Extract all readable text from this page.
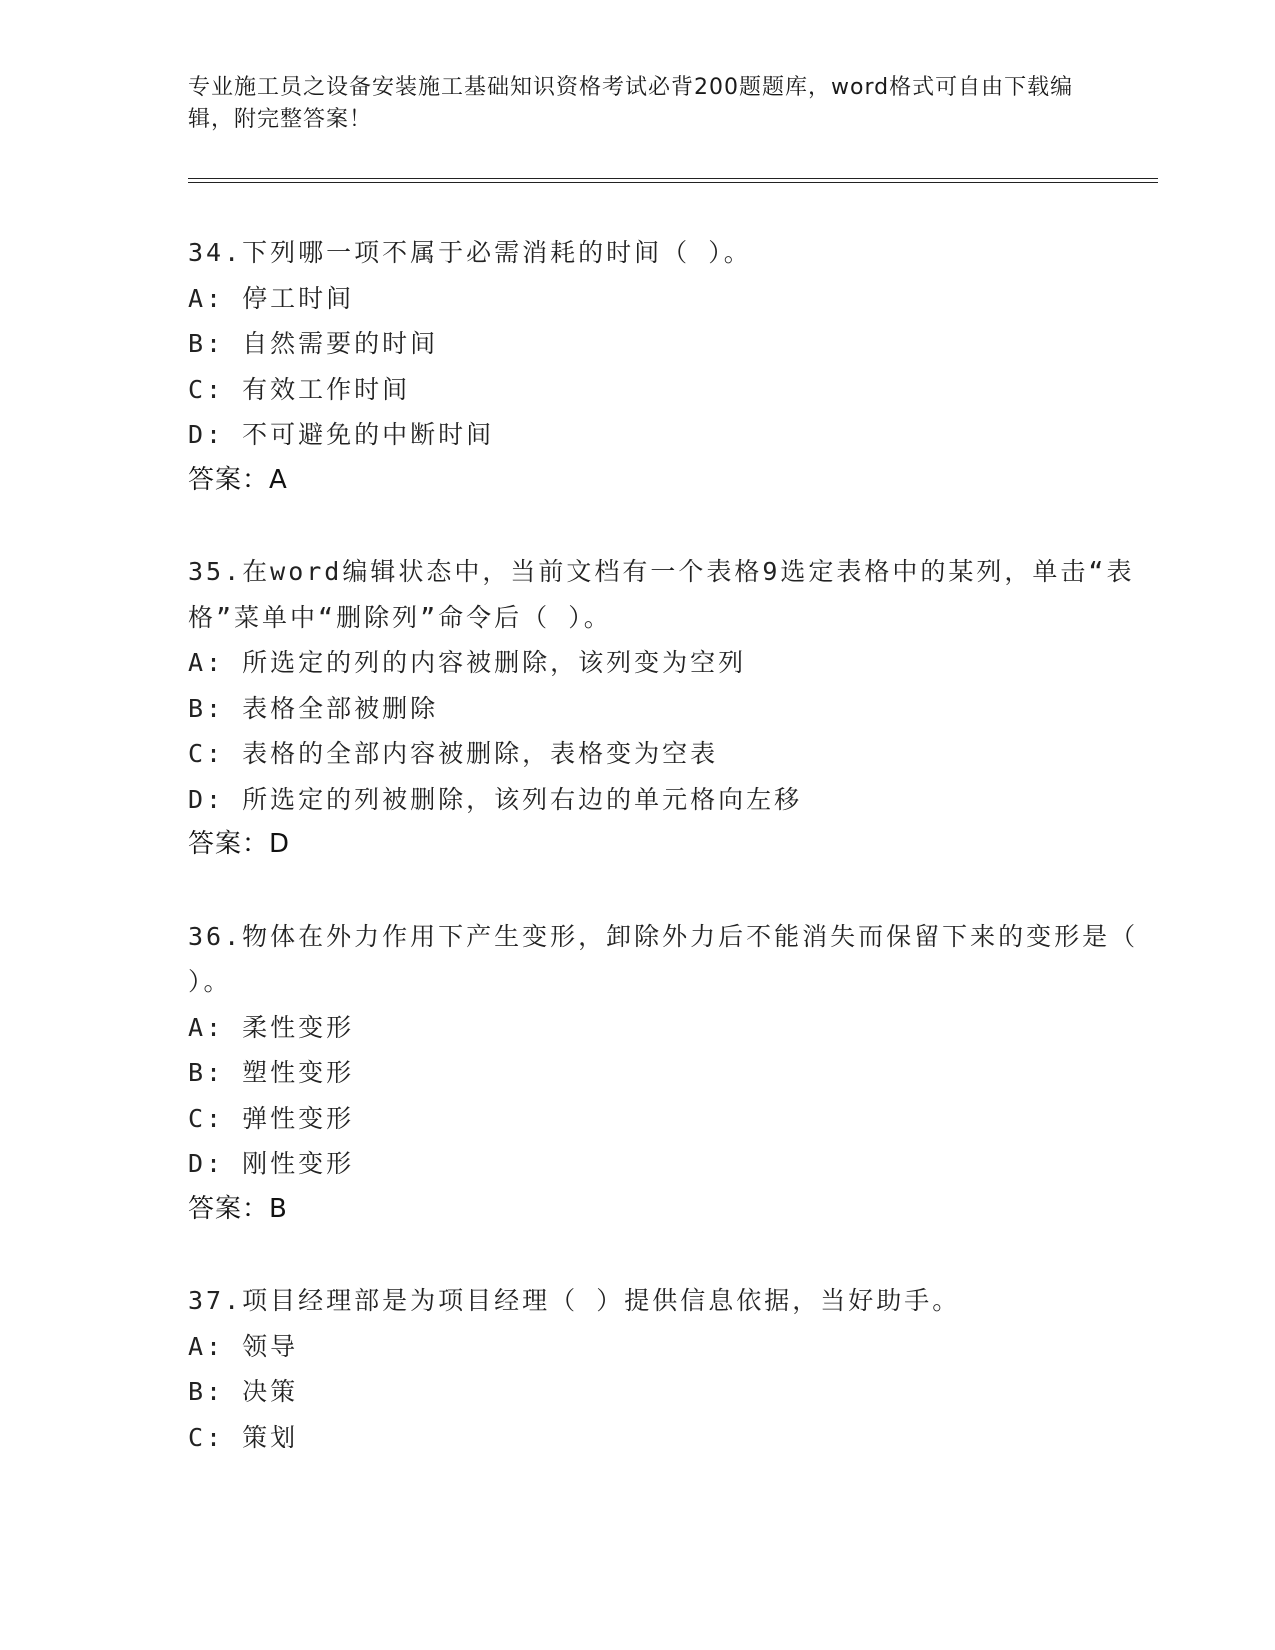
专业施工员之设备安装施工基础知识资格考试必背200题题库，word格式可自由下载编辑，附完整答案！

34.下列哪一项不属于必需消耗的时间（ ）。

A: 停工时间

B: 自然需要的时间

C: 有效工作时间

D: 不可避免的中断时间

答案：A

35.在word编辑状态中，当前文档有一个表格9选定表格中的某列，单击“表格”菜单中“删除列”命令后（ ）。

A: 所选定的列的内容被删除，该列变为空列

B: 表格全部被删除

C: 表格的全部内容被删除，表格变为空表

D: 所选定的列被删除，该列右边的单元格向左移

答案：D

36.物体在外力作用下产生变形，卸除外力后不能消失而保留下来的变形是（ ）。

A: 柔性变形

B: 塑性变形

C: 弹性变形

D: 刚性变形

答案：B

37.项目经理部是为项目经理（ ）提供信息依据，当好助手。

A: 领导

B: 决策

C: 策划
